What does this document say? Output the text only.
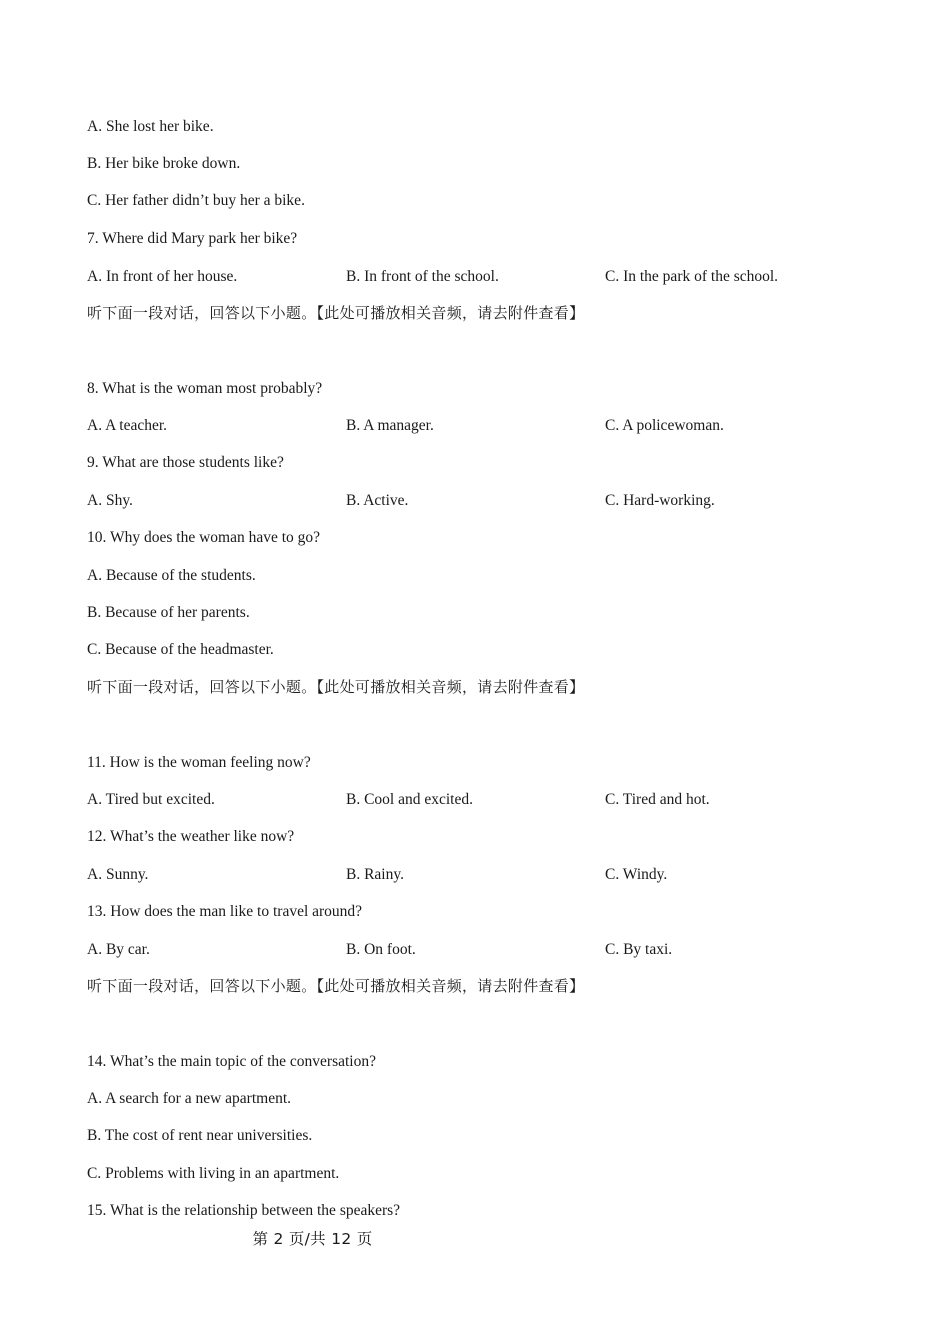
A. She lost her bike.
B. Her bike broke down.
C. Her father didn’t buy her a bike.
7. Where did Mary park her bike?
A. In front of her house.	B. In front of the school.	C. In the park of the school.
听下面一段对话，回答以下小题。【此处可播放相关音频，请去附件查看】
8. What is the woman most probably?
A. A teacher.	B. A manager.	C. A policewoman.
9. What are those students like?
A. Shy.	B. Active.	C. Hard-working.
10. Why does the woman have to go?
A. Because of the students.
B. Because of her parents.
C. Because of the headmaster.
听下面一段对话，回答以下小题。【此处可播放相关音频，请去附件查看】
11. How is the woman feeling now?
A. Tired but excited.	B. Cool and excited.	C. Tired and hot.
12. What’s the weather like now?
A. Sunny.	B. Rainy.	C. Windy.
13. How does the man like to travel around?
A. By car.	B. On foot.	C. By taxi.
听下面一段对话，回答以下小题。【此处可播放相关音频，请去附件查看】
14. What’s the main topic of the conversation?
A. A search for a new apartment.
B. The cost of rent near universities.
C. Problems with living in an apartment.
15. What is the relationship between the speakers?
第 2 页/共 12 页
